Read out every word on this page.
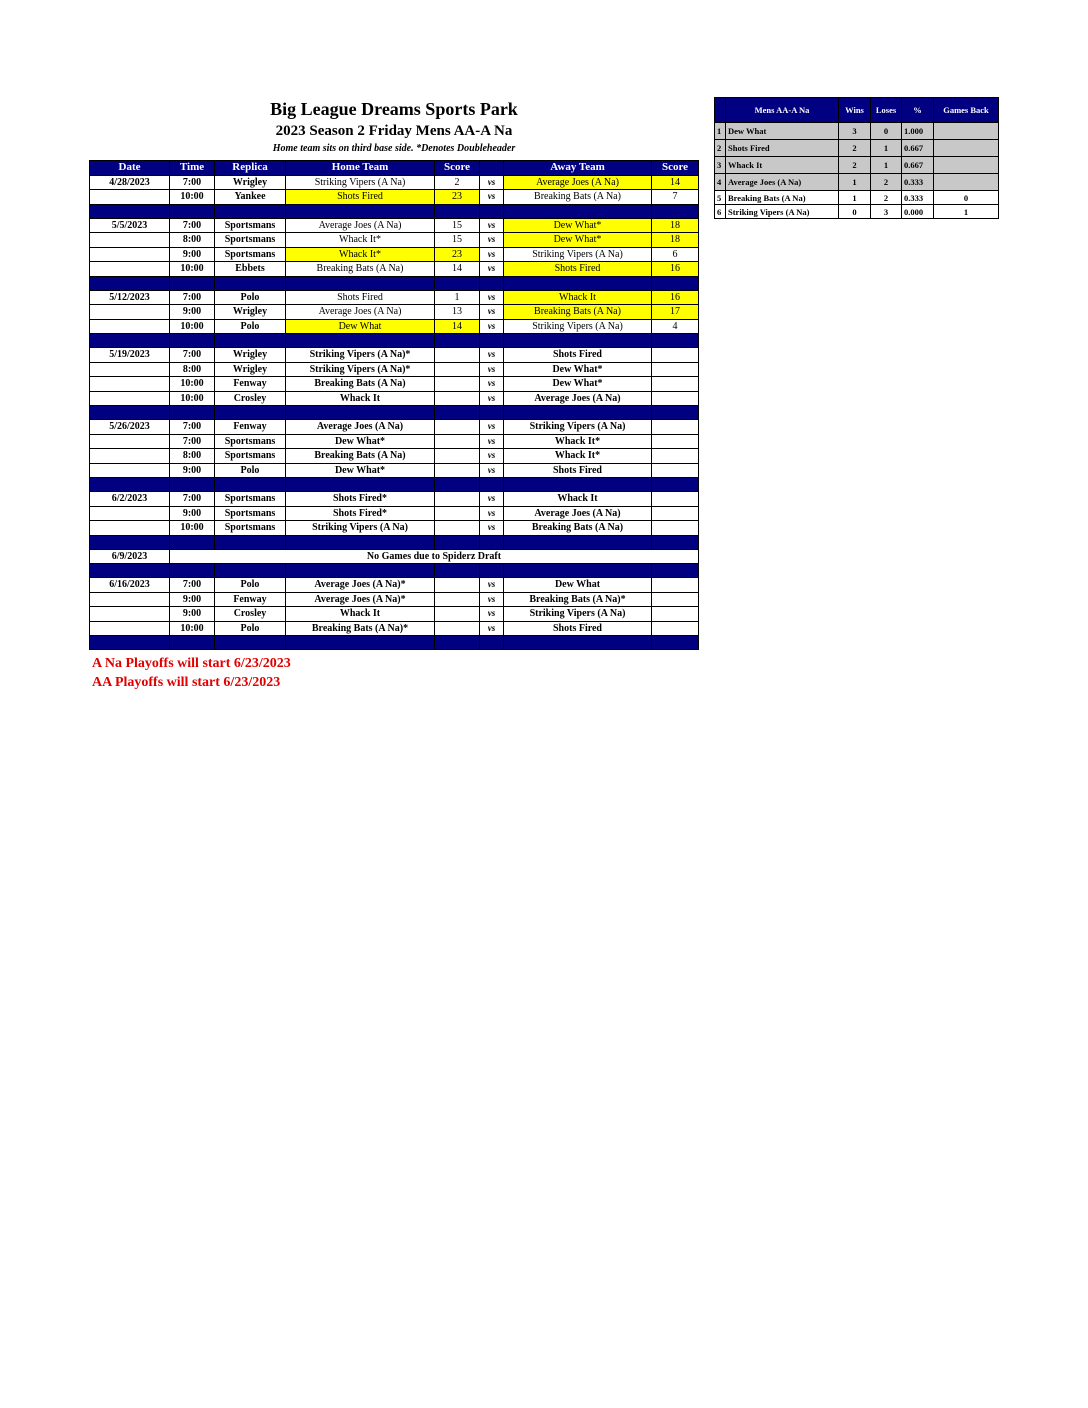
Big League Dreams Sports Park
2023 Season 2 Friday Mens AA-A Na
Home team sits on third base side. *Denotes Doubleheader
Date	Time	Replica	Home Team	Score		Away Team	Score
4/28/2023	7:00	Wrigley	Striking Vipers (A Na)	2	vs	Average Joes (A Na)	14
	10:00	Yankee	Shots Fired	23	vs	Breaking Bats (A Na)	7

5/5/2023	7:00	Sportsmans	Average Joes (A Na)	15	vs	Dew What*	18
	8:00	Sportsmans	Whack It*	15	vs	Dew What*	18
	9:00	Sportsmans	Whack It*	23	vs	Striking Vipers (A Na)	6
	10:00	Ebbets	Breaking Bats (A Na)	14	vs	Shots Fired	16

5/12/2023	7:00	Polo	Shots Fired	1	vs	Whack It	16
	9:00	Wrigley	Average Joes (A Na)	13	vs	Breaking Bats (A Na)	17
	10:00	Polo	Dew What	14	vs	Striking Vipers (A Na)	4

5/19/2023	7:00	Wrigley	Striking Vipers (A Na)*		vs	Shots Fired	
	8:00	Wrigley	Striking Vipers (A Na)*		vs	Dew What*	
	10:00	Fenway	Breaking Bats (A Na)		vs	Dew What*	
	10:00	Crosley	Whack It		vs	Average Joes (A Na)	

5/26/2023	7:00	Fenway	Average Joes (A Na)		vs	Striking Vipers (A Na)	
	7:00	Sportsmans	Dew What*		vs	Whack It*	
	8:00	Sportsmans	Breaking Bats (A Na)		vs	Whack It*	
	9:00	Polo	Dew What*		vs	Shots Fired	

6/2/2023	7:00	Sportsmans	Shots Fired*		vs	Whack It	
	9:00	Sportsmans	Shots Fired*		vs	Average Joes (A Na)	
	10:00	Sportsmans	Striking Vipers (A Na)		vs	Breaking Bats (A Na)	

6/9/2023	No Games due to Spiderz Draft						

6/16/2023	7:00	Polo	Average Joes (A Na)*		vs	Dew What	
	9:00	Fenway	Average Joes (A Na)*		vs	Breaking Bats (A Na)*	
	9:00	Crosley	Whack It		vs	Striking Vipers (A Na)	
	10:00	Polo	Breaking Bats (A Na)*		vs	Shots Fired	

	Mens AA-A Na	Wins	Loses	%	Games Back
1	Dew What	3	0	1.000	
2	Shots Fired	2	1	0.667	
3	Whack It	2	1	0.667	
4	Average Joes (A Na)	1	2	0.333	
5	Breaking Bats (A Na)	1	2	0.333	0
6	Striking Vipers (A Na)	0	3	0.000	1
A Na Playoffs will start 6/23/2023
AA Playoffs will start 6/23/2023
